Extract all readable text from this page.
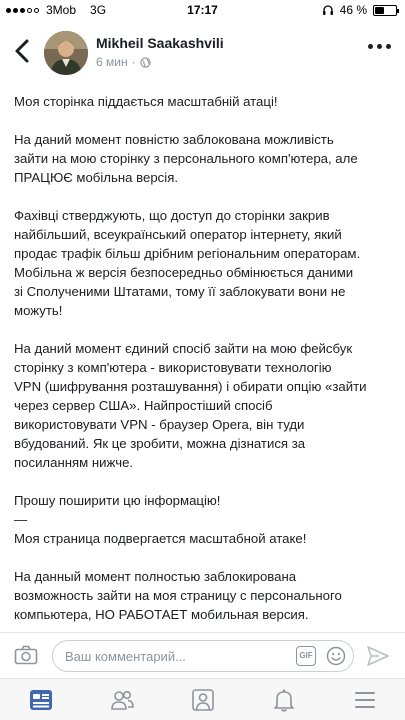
3Mob 3G	17:17	46 %
Mikheil Saakashvili
6 мин ·

Моя сторінка піддається масштабній атаці!

На даний момент повністю заблокована можливість
зайти на мою сторінку з персонального комп'ютера, але
ПРАЦЮЄ мобільна версія.

Фахівці стверджують, що доступ до сторінки закрив
найбільший, всеукраїнський оператор інтернету, який
продає трафік більш дрібним регіональним операторам.
Мобільна ж версія безпосередньо обмінюється даними
зі Сполученими Штатами, тому її заблокувати вони не
можуть!

На даний момент єдиний спосіб зайти на мою фейсбук
сторінку з комп'ютера - використовувати технологію
VPN (шифрування розташування) і обирати опцію «зайти
через сервер США». Найпростіший спосіб
використовувати VPN - браузер Opera, він туди
вбудований. Як це зробити, можна дізнатися за
посиланням нижче.

Прошу поширити цю інформацію!
—
Моя страница подвергается масштабной атаке!

На данный момент полностью заблокирована
возможность зайти на моя страницу с персонального
компьютера, НО РАБОТАЕТ мобильная версия.

Ваш комментарий...
GIF
